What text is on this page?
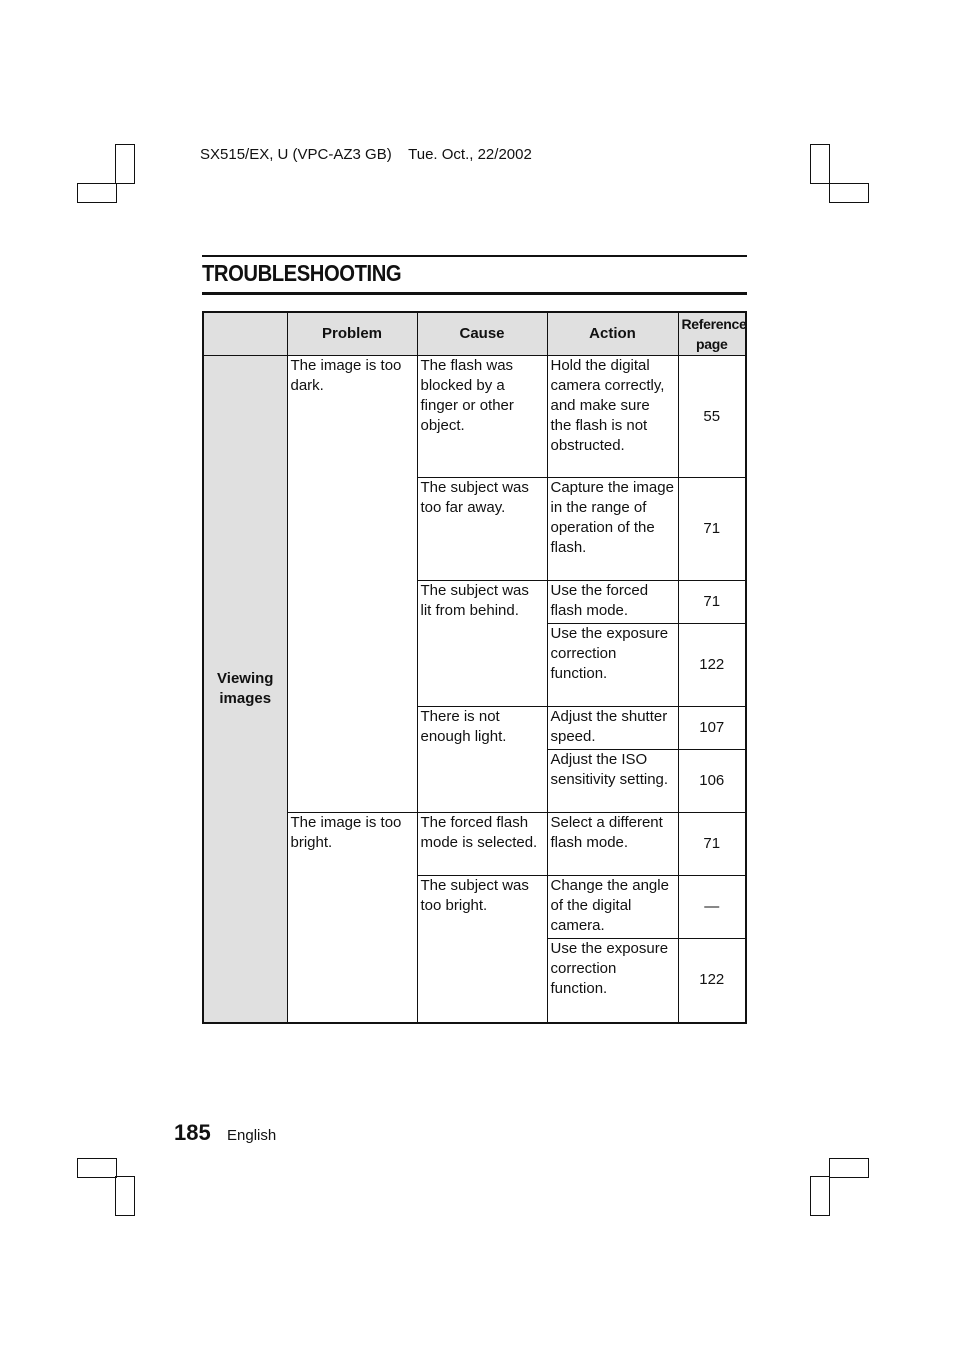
SX515/EX, U (VPC-AZ3 GB)    Tue. Oct., 22/2002
TROUBLESHOOTING
	Problem	Cause	Action	Reference
page
Viewing images	The image is too dark.	The flash was blocked by a finger or other object.	Hold the digital camera correctly, and make sure the flash is not obstructed.	55
		The subject was too far away.	Capture the image in the range of operation of the flash.	71
		The subject was lit from behind.	Use the forced flash mode.	71
			Use the exposure correction function.	122
		There is not enough light.	Adjust the shutter speed.	107
			Adjust the ISO sensitivity setting.	106
	The image is too bright.	The forced flash mode is selected.	Select a different flash mode.	71
		The subject was too bright.	Change the angle of the digital camera.	—
			Use the exposure correction function.	122
185 English
